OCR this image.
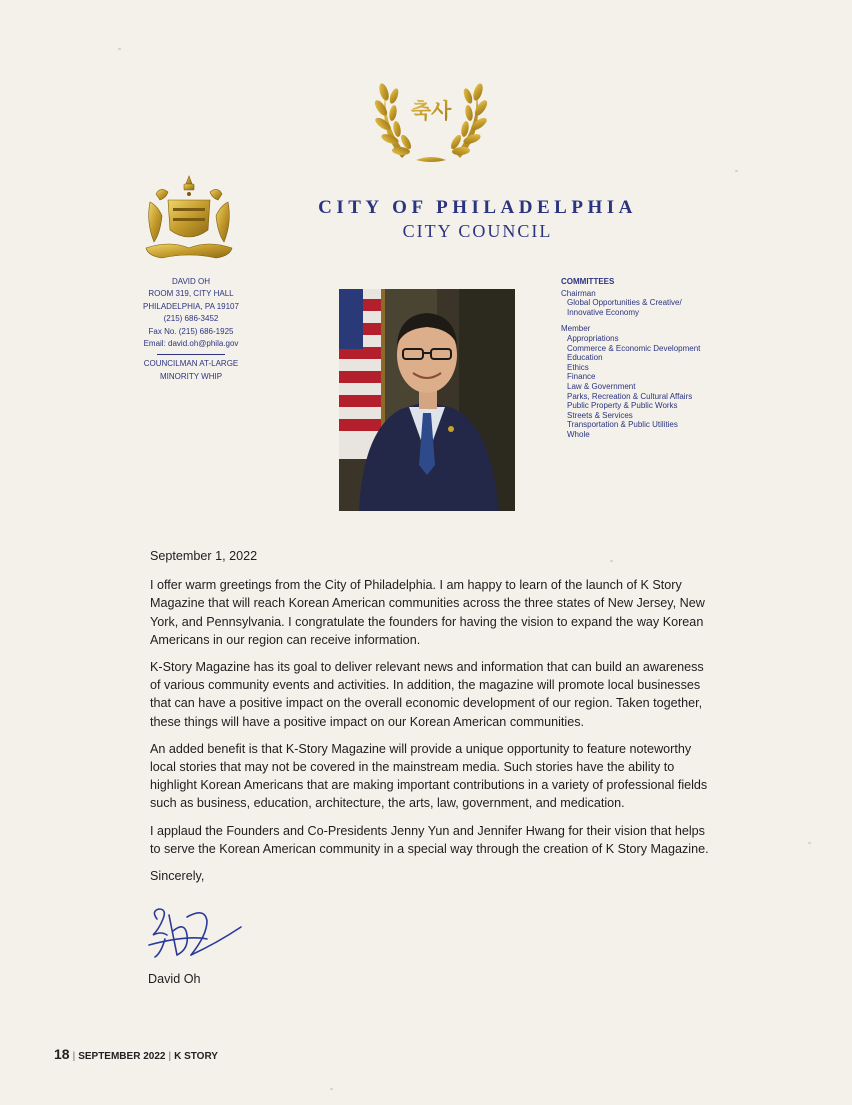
축사
CITY OF PHILADELPHIA
CITY COUNCIL
DAVID OH
ROOM 319, CITY HALL
PHILADELPHIA, PA 19107
(215) 686-3452
Fax No. (215) 686-1925
Email: david.oh@phila.gov
COUNCILMAN AT-LARGE
MINORITY WHIP
COMMITTEES
Chairman
Global Opportunities & Creative/
Innovative Economy
Member
Appropriations
Commerce & Economic Development
Education
Ethics
Finance
Law & Government
Parks, Recreation & Cultural Affairs
Public Property & Public Works
Streets & Services
Transportation & Public Utilities
Whole

September 1, 2022

I offer warm greetings from the City of Philadelphia. I am happy to learn of the launch of K Story Magazine that will reach Korean American communities across the three states of New Jersey, New York, and Pennsylvania. I congratulate the founders for having the vision to expand the way Korean Americans in our region can receive information.

K-Story Magazine has its goal to deliver relevant news and information that can build an awareness of various community events and activities. In addition, the magazine will promote local businesses that can have a positive impact on the overall economic development of our region. Taken together, these things will have a positive impact on our Korean American communities.

An added benefit is that K-Story Magazine will provide a unique opportunity to feature noteworthy local stories that may not be covered in the mainstream media. Such stories have the ability to highlight Korean Americans that are making important contributions in a variety of professional fields such as business, education, architecture, the arts, law, government, and medication.

I applaud the Founders and Co-Presidents Jenny Yun and Jennifer Hwang for their vision that helps to serve the Korean American community in a special way through the creation of K Story Magazine.

Sincerely,

David Oh
18 | SEPTEMBER 2022 | K STORY
